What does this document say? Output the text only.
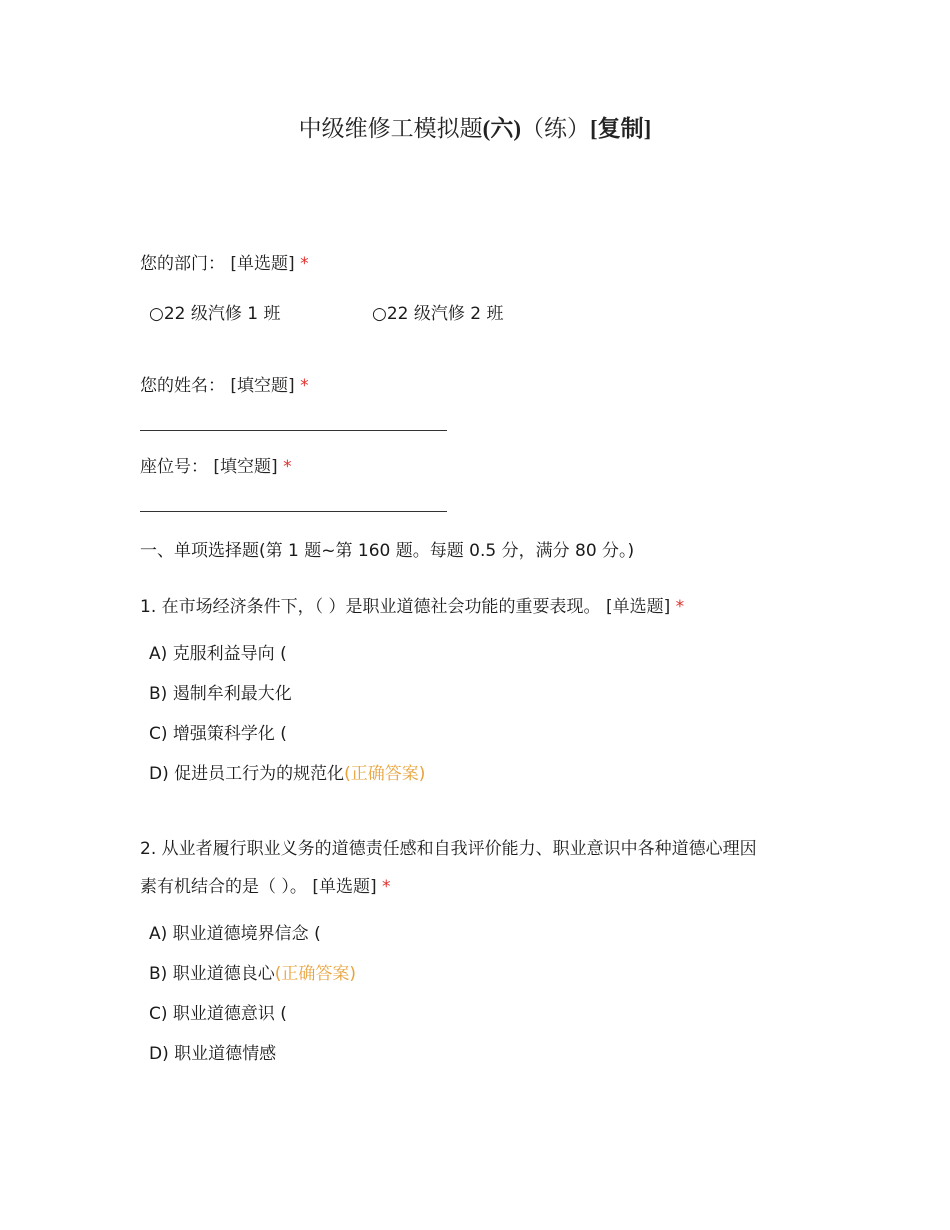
中级维修工模拟题(六)（练）[复制]
您的部门： [单选题] *
○22 级汽修 1 班	○22 级汽修 2 班
您的姓名： [填空题] *
座位号： [填空题] *
一、单项选择题(第 1 题~第 160 题。每题 0.5 分，满分 80 分。)
1. 在市场经济条件下，（ ）是职业道德社会功能的重要表现。 [单选题] *
A) 克服利益导向 (
B) 遏制牟利最大化
C) 增强策科学化 (
D) 促进员工行为的规范化(正确答案)
2. 从业者履行职业义务的道德责任感和自我评价能力、职业意识中各种道德心理因
素有机结合的是（ ）。 [单选题] *
A) 职业道德境界信念 (
B) 职业道德良心(正确答案)
C) 职业道德意识 (
D) 职业道德情感
